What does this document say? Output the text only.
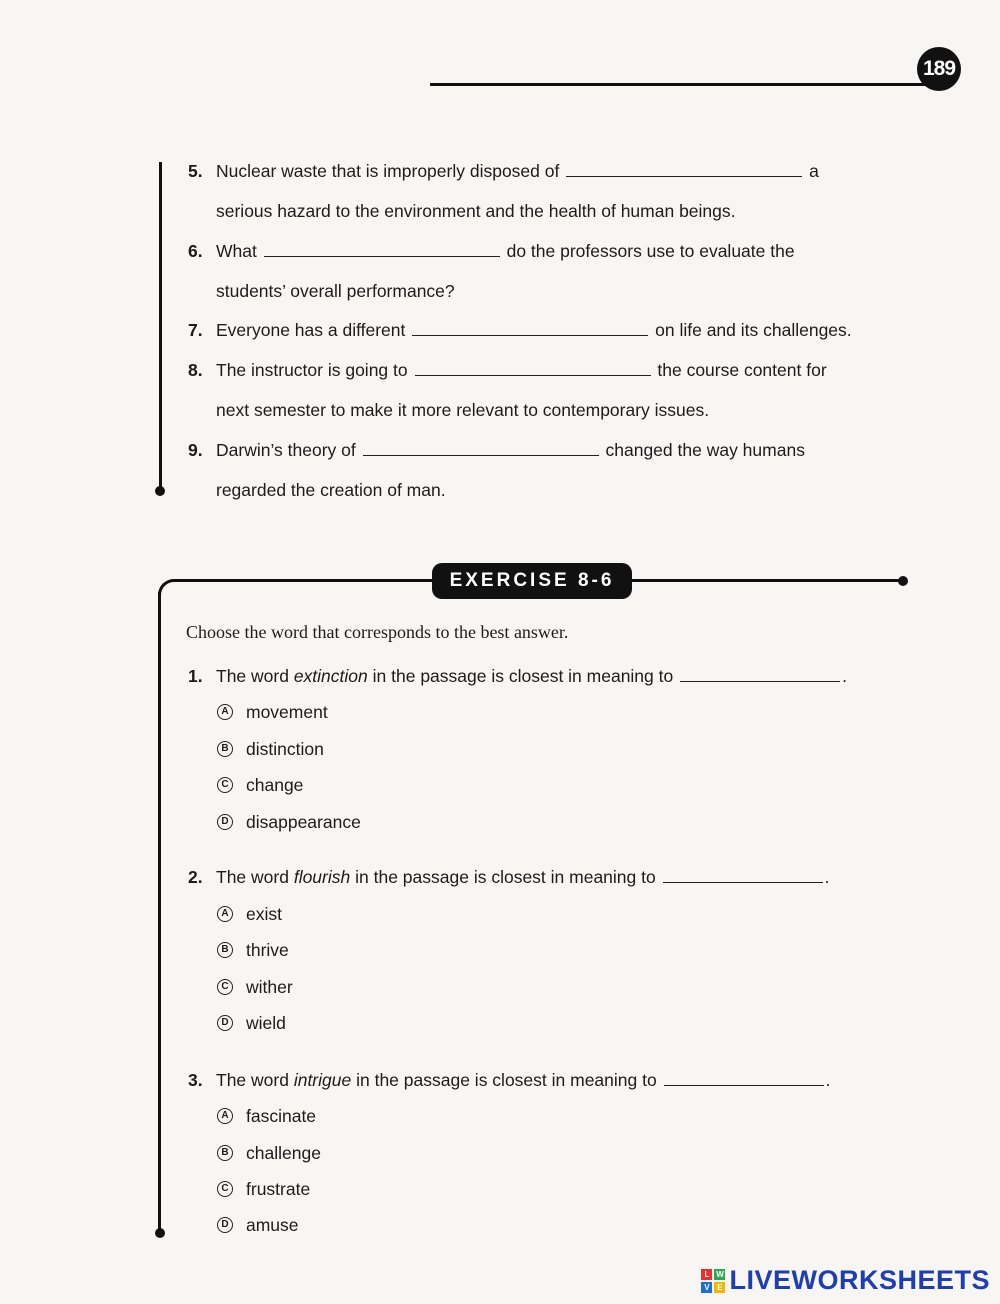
189
5. Nuclear waste that is improperly disposed of	a
serious hazard to the environment and the health of human beings.
6. What	do the professors use to evaluate the
students’ overall performance?
7. Everyone has a different	on life and its challenges.
8. The instructor is going to	the course content for
next semester to make it more relevant to contemporary issues.
9. Darwin’s theory of	changed the way humans
regarded the creation of man.
EXERCISE 8-6
Choose the word that corresponds to the best answer.
1. The word extinction in the passage is closest in meaning to	.
A movement
B distinction
C change
D disappearance
2. The word flourish in the passage is closest in meaning to	.
A exist
B thrive
C wither
D wield
3. The word intrigue in the passage is closest in meaning to	.
A fascinate
B challenge
C frustrate
D amuse
L W
V E LIVEWORKSHEETS
